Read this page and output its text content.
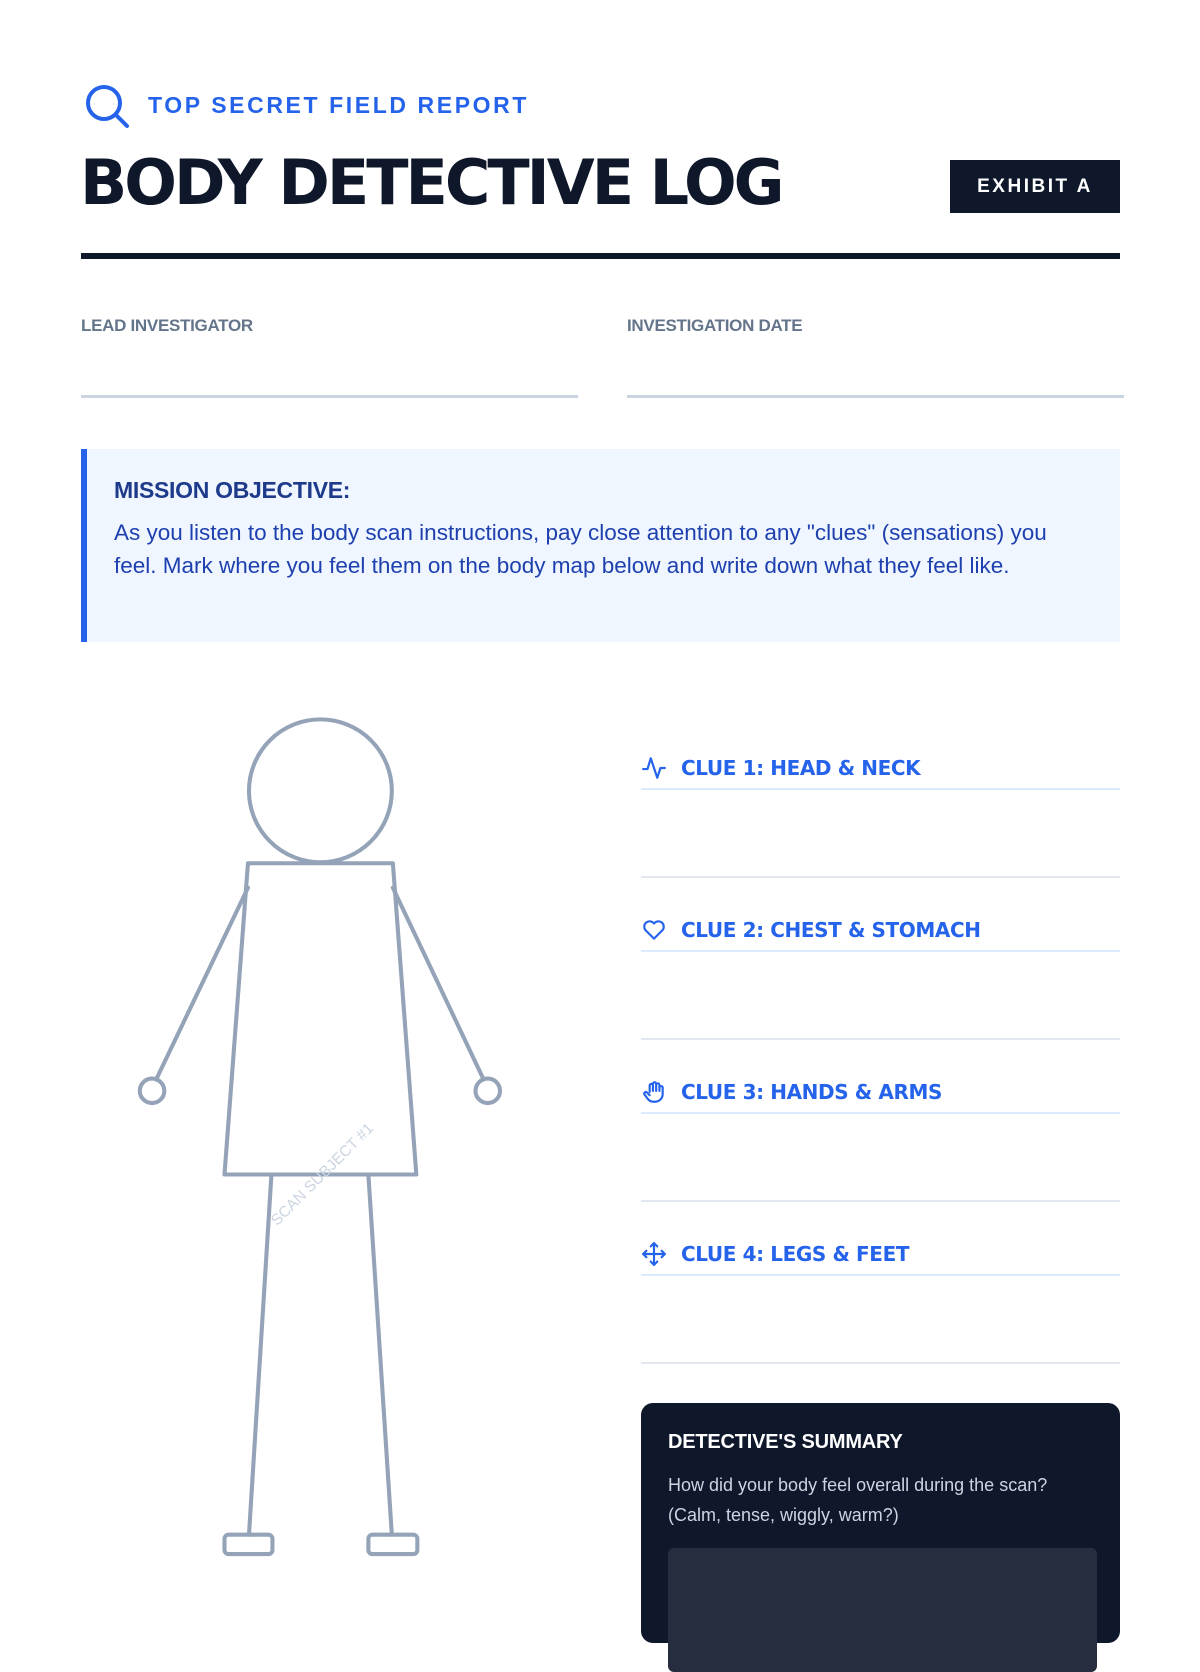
TOP SECRET FIELD REPORT
BODY DETECTIVE LOG	EXHIBIT A
LEAD INVESTIGATOR	INVESTIGATION DATE
MISSION OBJECTIVE:

As you listen to the body scan instructions, pay close attention to any "clues" (sensations) you feel. Mark where you feel them on the body map below and write down what they feel like.

SCAN SUBJECT #1
CLUE 1: HEAD & NECK
CLUE 2: CHEST & STOMACH
CLUE 3: HANDS & ARMS
CLUE 4: LEGS & FEET
DETECTIVE'S SUMMARY

How did your body feel overall during the scan? (Calm, tense, wiggly, warm?)
